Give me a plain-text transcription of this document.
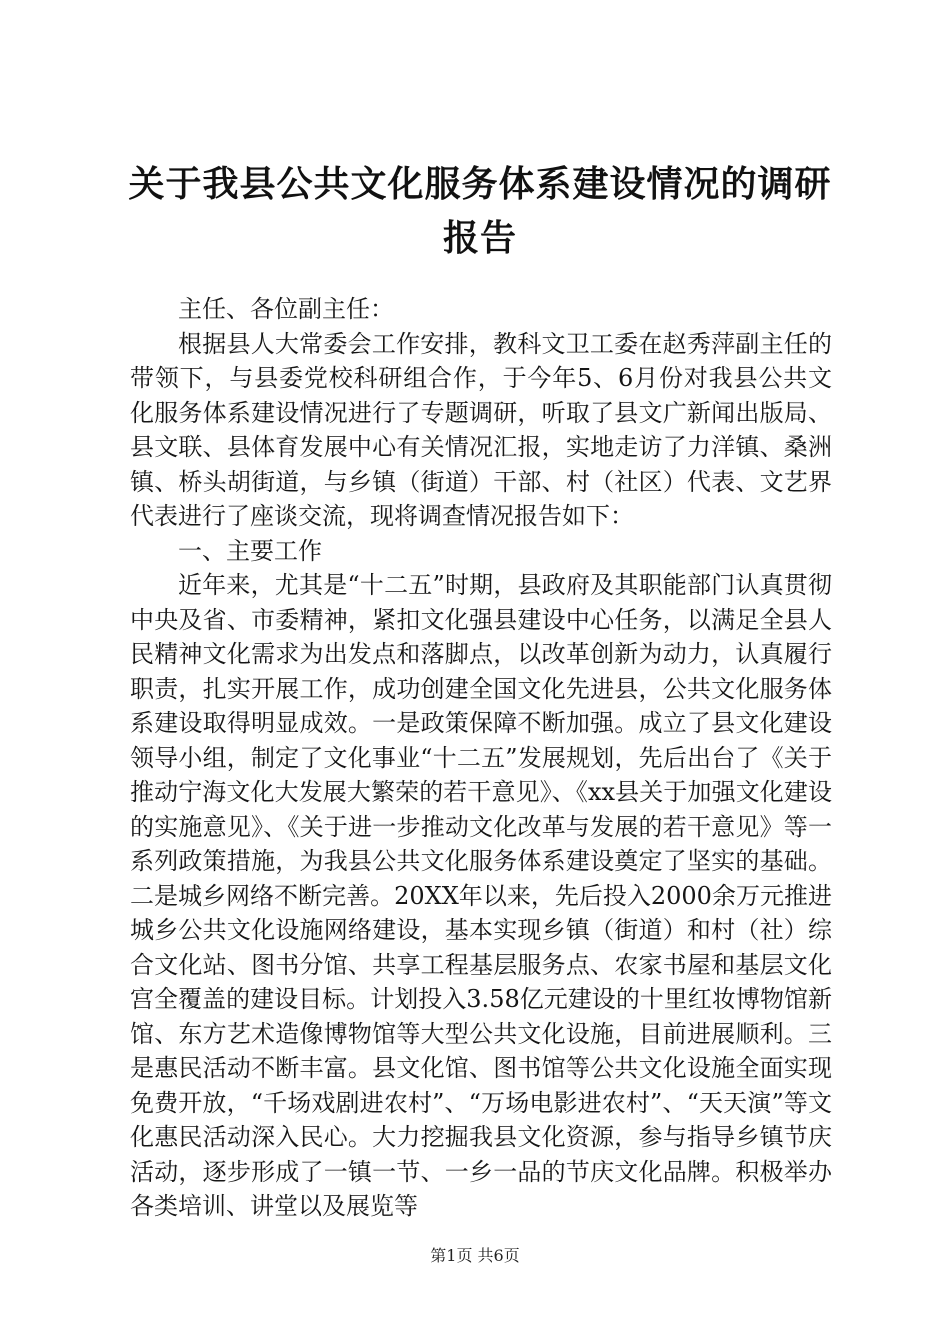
关于我县公共文化服务体系建设情况的调研报告

主任、各位副主任：

根据县人大常委会工作安排，教科文卫工委在赵秀萍副主任的带领下，与县委党校科研组合作，于今年5、6月份对我县公共文化服务体系建设情况进行了专题调研，听取了县文广新闻出版局、县文联、县体育发展中心有关情况汇报，实地走访了力洋镇、桑洲镇、桥头胡街道，与乡镇（街道）干部、村（社区）代表、文艺界代表进行了座谈交流，现将调查情况报告如下：

一、主要工作

近年来，尤其是“十二五”时期，县政府及其职能部门认真贯彻中央及省、市委精神，紧扣文化强县建设中心任务，以满足全县人民精神文化需求为出发点和落脚点，以改革创新为动力，认真履行职责，扎实开展工作，成功创建全国文化先进县，公共文化服务体系建设取得明显成效。一是政策保障不断加强。成立了县文化建设领导小组，制定了文化事业“十二五”发展规划，先后出台了《关于推动宁海文化大发展大繁荣的若干意见》、《xx县关于加强文化建设的实施意见》、《关于进一步推动文化改革与发展的若干意见》等一系列政策措施，为我县公共文化服务体系建设奠定了坚实的基础。二是城乡网络不断完善。20XX年以来，先后投入2000余万元推进城乡公共文化设施网络建设，基本实现乡镇（街道）和村（社）综合文化站、图书分馆、共享工程基层服务点、农家书屋和基层文化宫全覆盖的建设目标。计划投入3.58亿元建设的十里红妆博物馆新馆、东方艺术造像博物馆等大型公共文化设施，目前进展顺利。三是惠民活动不断丰富。县文化馆、图书馆等公共文化设施全面实现免费开放，“千场戏剧进农村”、“万场电影进农村”、“天天演”等文化惠民活动深入民心。大力挖掘我县文化资源，参与指导乡镇节庆活动，逐步形成了一镇一节、一乡一品的节庆文化品牌。积极举办各类培训、讲堂以及展览等

第1页 共6页
